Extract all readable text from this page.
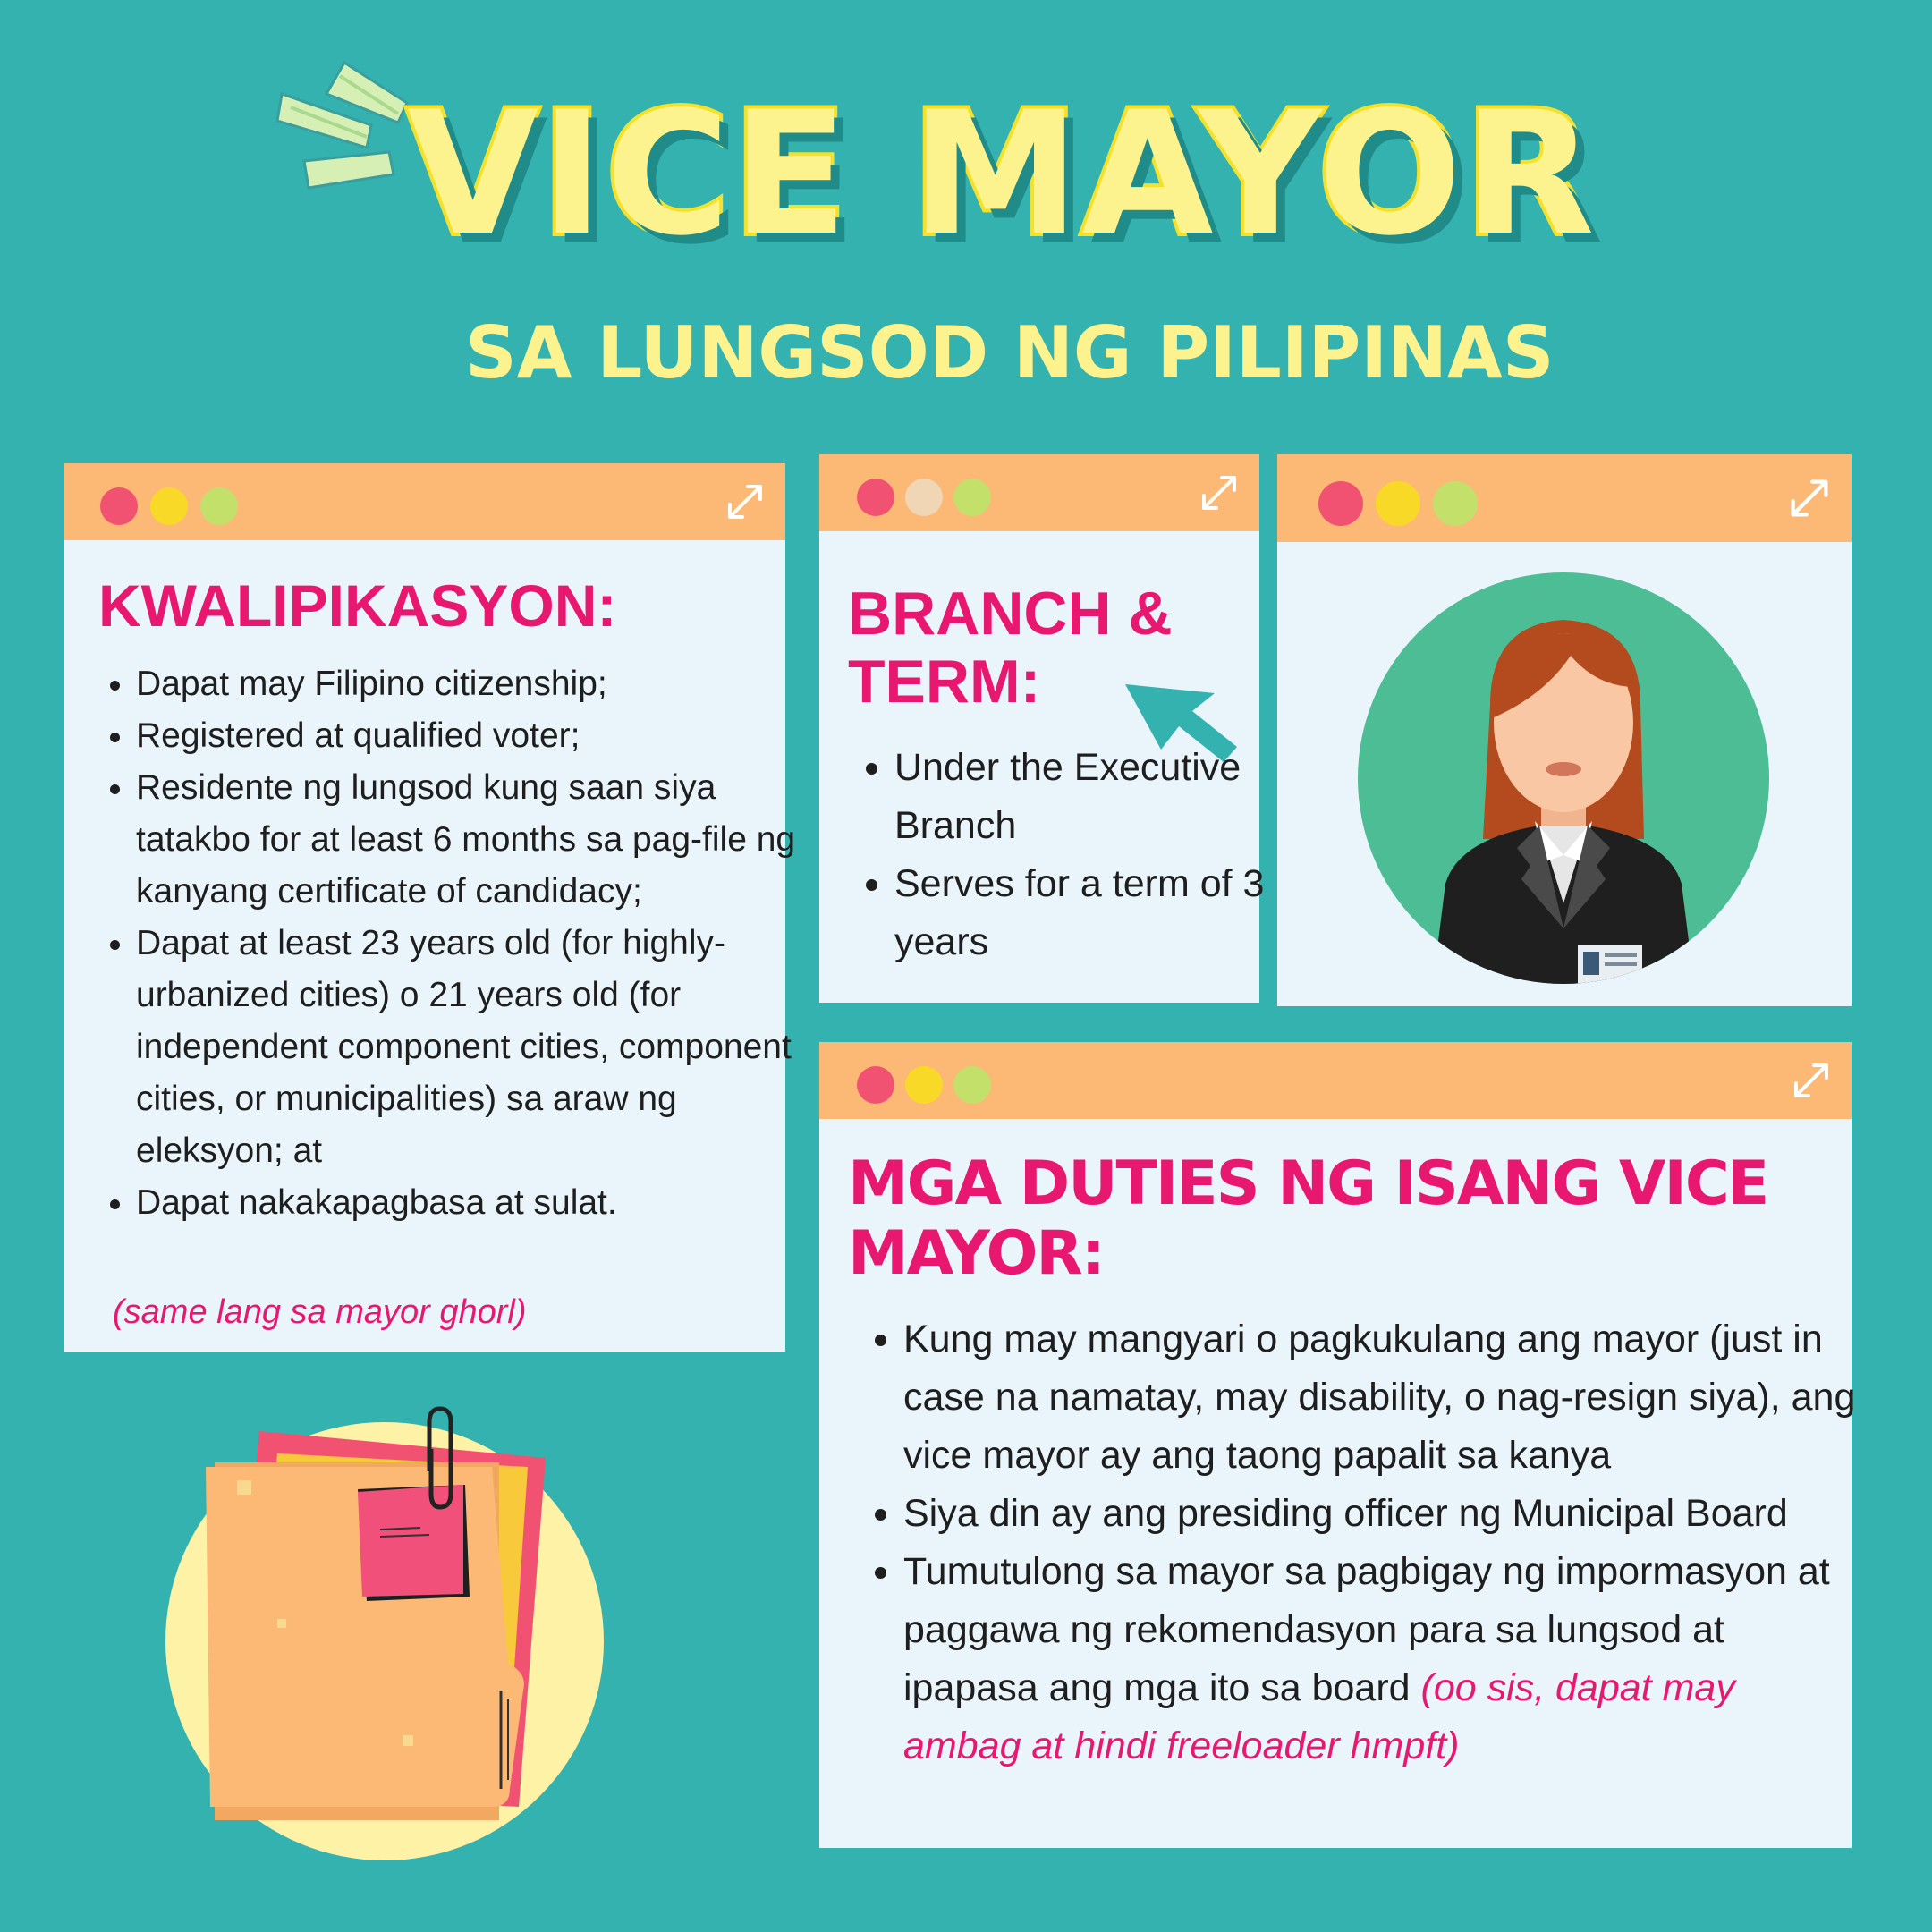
VICE MAYOR
SA LUNGSOD NG PILIPINAS
KWALIPIKASYON:
• Dapat may Filipino citizenship;
• Registered at qualified voter;
• Residente ng lungsod kung saan siya tatakbo for at least 6 months sa pag-file ng kanyang certificate of candidacy;
• Dapat at least 23 years old (for highly-urbanized cities) o 21 years old (for independent component cities, component cities, or municipalities) sa araw ng eleksyon; at
• Dapat nakakapagbasa at sulat.
(same lang sa mayor ghorl)
BRANCH &
TERM:
• Under the Executive Branch
• Serves for a term of 3 years
MGA DUTIES NG ISANG VICE
MAYOR:
• Kung may mangyari o pagkukulang ang mayor (just in case na namatay, may disability, o nag-resign siya), ang vice mayor ay ang taong papalit sa kanya
• Siya din ay ang presiding officer ng Municipal Board
• Tumutulong sa mayor sa pagbigay ng impormasyon at paggawa ng rekomendasyon para sa lungsod at ipapasa ang mga ito sa board (oo sis, dapat may ambag at hindi freeloader hmpft)
